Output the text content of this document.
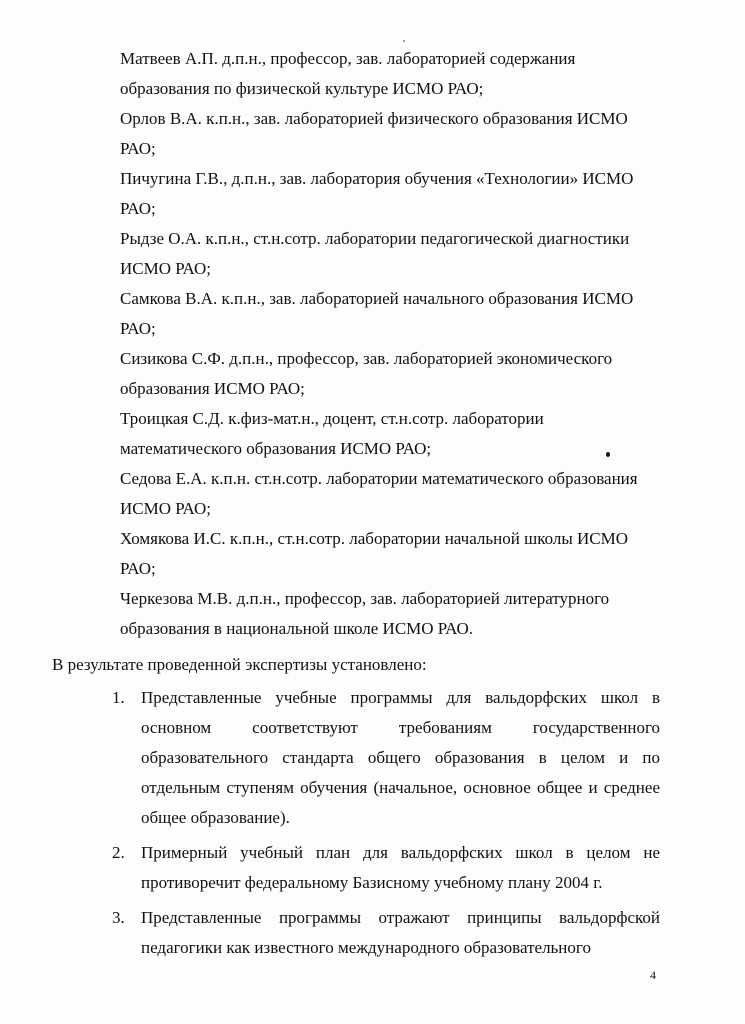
Матвеев А.П. д.п.н., профессор, зав. лабораторией содержания образования по физической культуре ИСМО РАО;

Орлов В.А. к.п.н., зав. лабораторией физического образования ИСМО РАО;

Пичугина Г.В., д.п.н., зав. лаборатория обучения «Технологии» ИСМО РАО;

Рыдзе О.А. к.п.н., ст.н.сотр. лаборатории педагогической диагностики ИСМО РАО;

Самкова В.А. к.п.н., зав. лабораторией начального образования ИСМО РАО;

Сизикова С.Ф. д.п.н., профессор, зав. лабораторией экономического образования ИСМО РАО;

Троицкая С.Д. к.физ-мат.н., доцент, ст.н.сотр. лаборатории математического образования ИСМО РАО;

Седова Е.А. к.п.н. ст.н.сотр. лаборатории математического образования ИСМО РАО;

Хомякова И.С. к.п.н., ст.н.сотр. лаборатории начальной школы ИСМО РАО;

Черкезова М.В. д.п.н., профессор, зав. лабораторией литературного образования в национальной школе ИСМО РАО.

В результате проведенной экспертизы установлено:

1. Представленные учебные программы для вальдорфских школ в основном соответствуют требованиям государственного образовательного стандарта общего образования в целом и по отдельным ступеням обучения (начальное, основное общее и среднее общее образование).
2. Примерный учебный план для вальдорфских школ в целом не противоречит федеральному Базисному учебному плану 2004 г.
3. Представленные программы отражают принципы вальдорфской педагогики как известного международного образовательного
4
